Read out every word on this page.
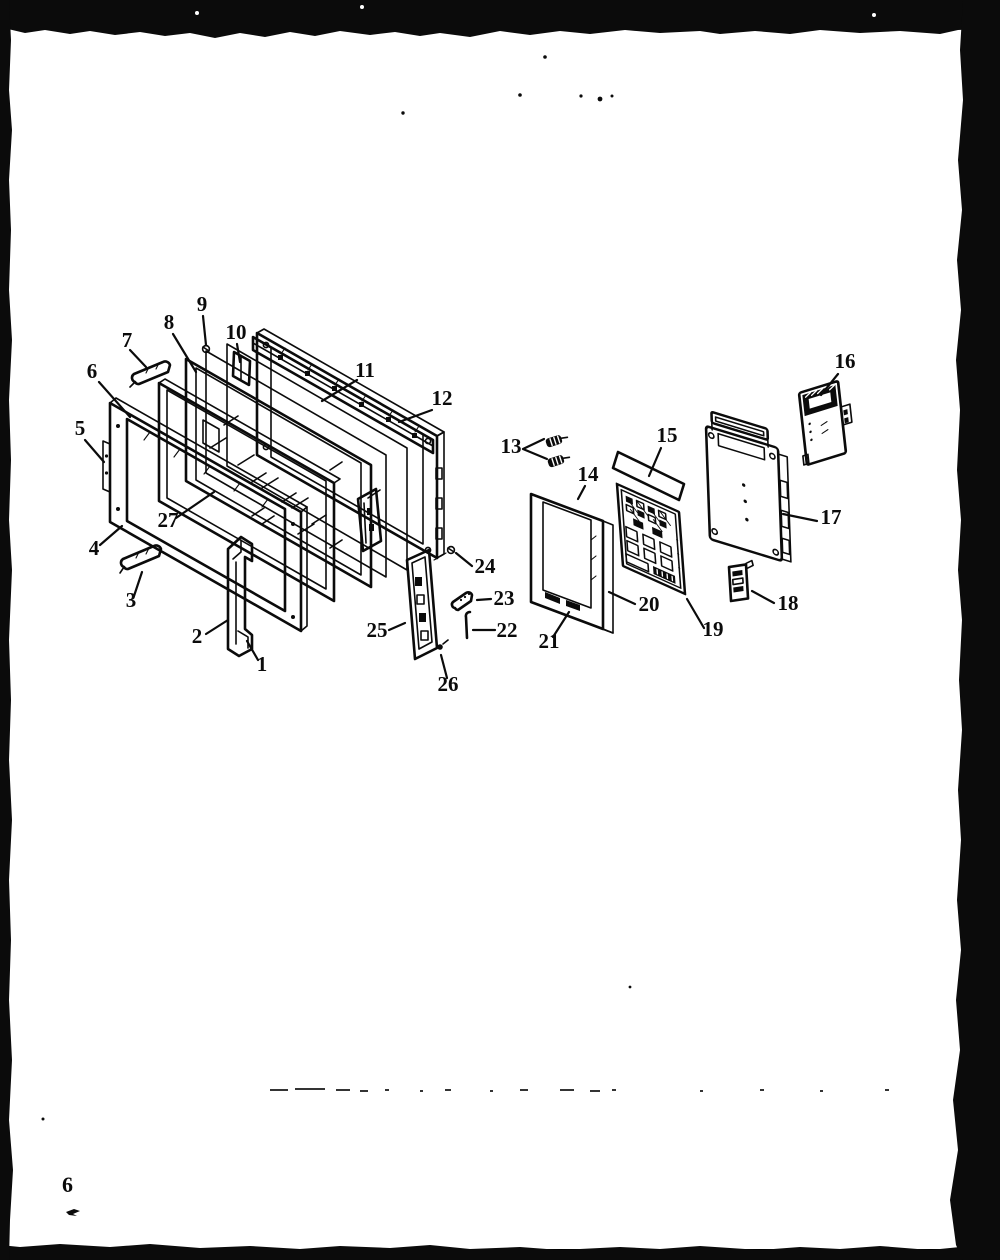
1
2
3
4
5
6
7
8
9
10
11
12
13
14
15
16
17
18
19
20
21
22
23
24
25
26
27
6
